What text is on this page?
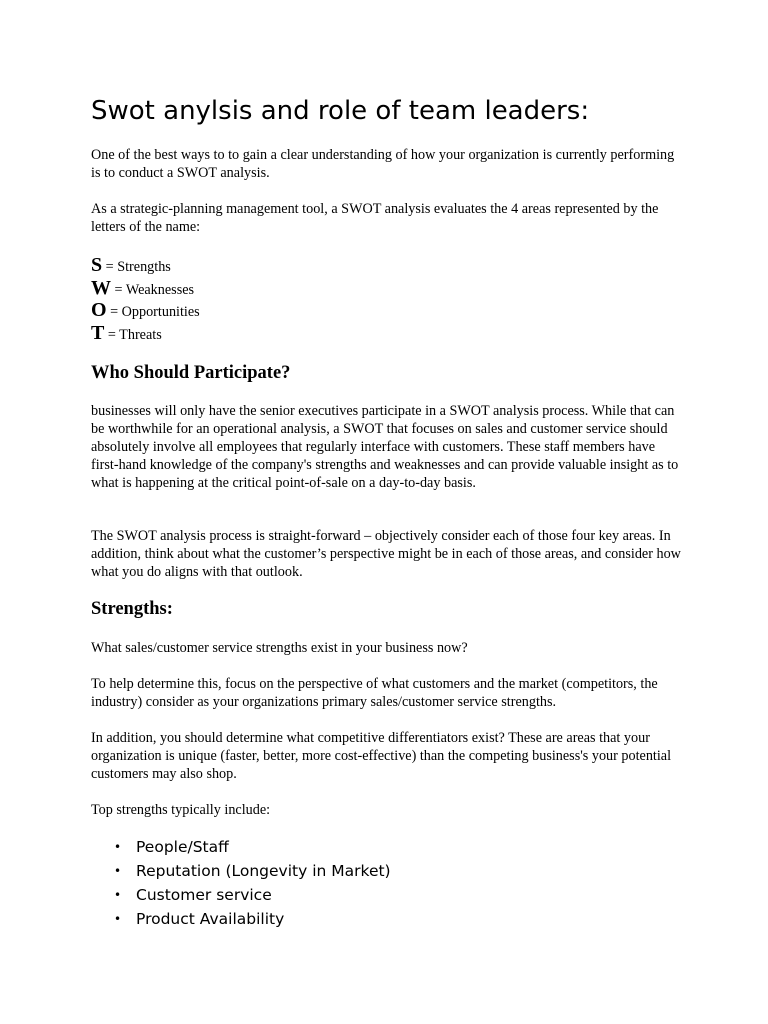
Swot anylsis and role of team leaders:

One of the best ways to to gain a clear understanding of how your organization is currently performing is to conduct a SWOT analysis.

As a strategic-planning management tool, a SWOT analysis evaluates the 4 areas represented by the letters of the name:

S = Strengths
W = Weaknesses
O = Opportunities
T = Threats
Who Should Participate?

businesses will only have the senior executives participate in a SWOT analysis process. While that can be worthwhile for an operational analysis, a SWOT that focuses on sales and customer service should absolutely involve all employees that regularly interface with customers. These staff members have first-hand knowledge of the company's strengths and weaknesses and can provide valuable insight as to what is happening at the critical point-of-sale on a day-to-day basis.

The SWOT analysis process is straight-forward – objectively consider each of those four key areas. In addition, think about what the customer’s perspective might be in each of those areas, and consider how what you do aligns with that outlook.

Strengths:

What sales/customer service strengths exist in your business now?

To help determine this, focus on the perspective of what customers and the market (competitors, the industry) consider as your organizations primary sales/customer service strengths.

In addition, you should determine what competitive differentiators exist? These are areas that your organization is unique (faster, better, more cost-effective) than the competing business's your potential customers may also shop.

Top strengths typically include:

• People/Staff
• Reputation (Longevity in Market)
• Customer service
• Product Availability
